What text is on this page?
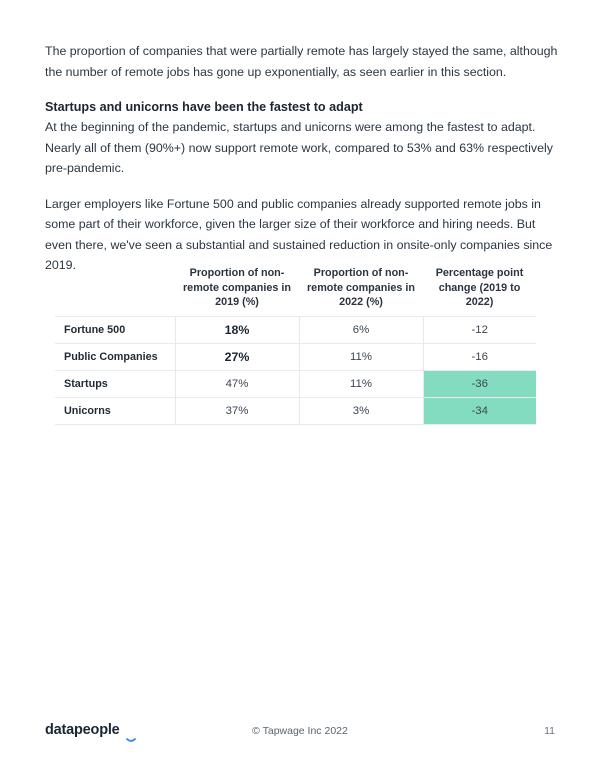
The proportion of companies that were partially remote has largely stayed the same, although the number of remote jobs has gone up exponentially, as seen earlier in this section.

Startups and unicorns have been the fastest to adapt

At the beginning of the pandemic, startups and unicorns were among the fastest to adapt. Nearly all of them (90%+) now support remote work, compared to 53% and 63% respectively pre-pandemic.

Larger employers like Fortune 500 and public companies already supported remote jobs in some part of their workforce, given the larger size of their workforce and hiring needs. But even there, we've seen a substantial and sustained reduction in onsite-only companies since 2019.

	Proportion of non-remote companies in 2019 (%)	Proportion of non-remote companies in 2022 (%)	Percentage point change (2019 to 2022)
Fortune 500	18%	6%	-12
Public Companies	27%	11%	-16
Startups	47%	11%	-36
Unicorns	37%	3%	-34
datapeople	© Tapwage Inc 2022	11
